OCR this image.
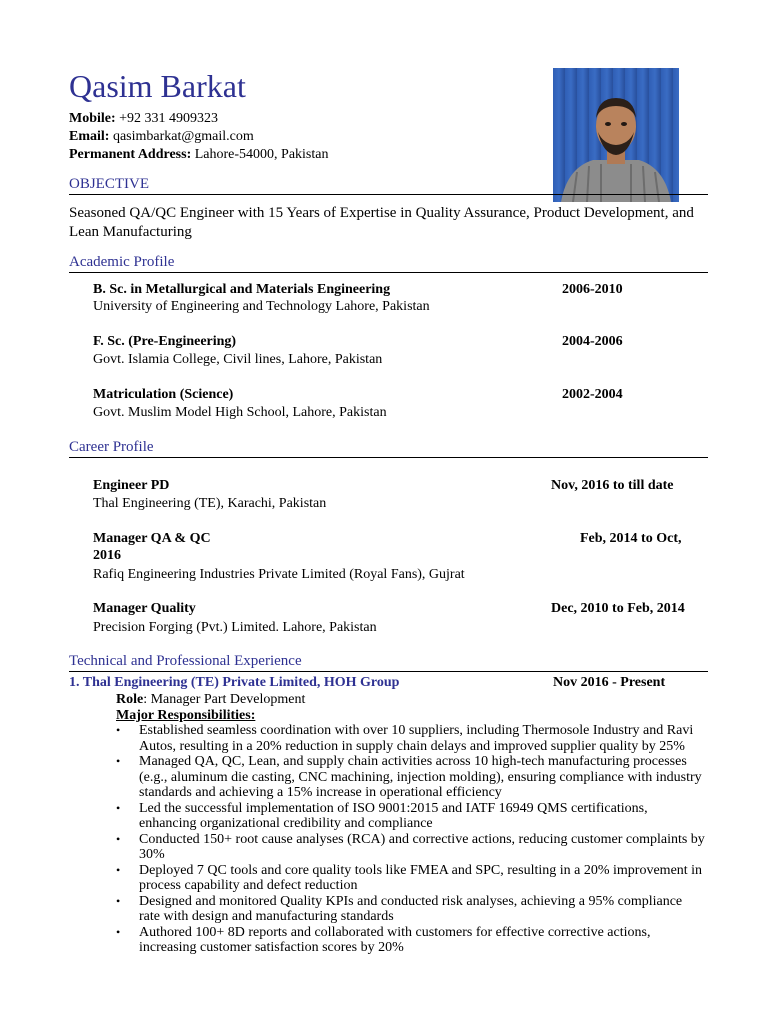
Qasim Barkat
Mobile: +92 331 4909323
Email: qasimbarkat@gmail.com
Permanent Address: Lahore-54000, Pakistan
OBJECTIVE
Seasoned QA/QC Engineer with 15 Years of Expertise in Quality Assurance, Product Development, and Lean Manufacturing
Academic Profile
B. Sc. in Metallurgical and Materials Engineering	2006-2010
University of Engineering and Technology Lahore, Pakistan
F. Sc. (Pre-Engineering)	2004-2006
Govt. Islamia College, Civil lines, Lahore, Pakistan
Matriculation (Science)	2002-2004
Govt. Muslim Model High School, Lahore, Pakistan
Career Profile
Engineer PD	Nov, 2016 to till date
Thal Engineering (TE), Karachi, Pakistan
Manager QA & QC	Feb, 2014 to Oct,
2016
Rafiq Engineering Industries Private Limited (Royal Fans), Gujrat
Manager Quality	Dec, 2010 to Feb, 2014
Precision Forging (Pvt.) Limited. Lahore, Pakistan
Technical and Professional Experience
1. Thal Engineering (TE) Private Limited, HOH Group	Nov 2016 - Present
Role: Manager Part Development
Major Responsibilities:
• Established seamless coordination with over 10 suppliers, including Thermosole Industry and Ravi Autos, resulting in a 20% reduction in supply chain delays and improved supplier quality by 25%
• Managed QA, QC, Lean, and supply chain activities across 10 high-tech manufacturing processes (e.g., aluminum die casting, CNC machining, injection molding), ensuring compliance with industry standards and achieving a 15% increase in operational efficiency
• Led the successful implementation of ISO 9001:2015 and IATF 16949 QMS certifications, enhancing organizational credibility and compliance
• Conducted 150+ root cause analyses (RCA) and corrective actions, reducing customer complaints by 30%
• Deployed 7 QC tools and core quality tools like FMEA and SPC, resulting in a 20% improvement in process capability and defect reduction
• Designed and monitored Quality KPIs and conducted risk analyses, achieving a 95% compliance rate with design and manufacturing standards
• Authored 100+ 8D reports and collaborated with customers for effective corrective actions, increasing customer satisfaction scores by 20%
